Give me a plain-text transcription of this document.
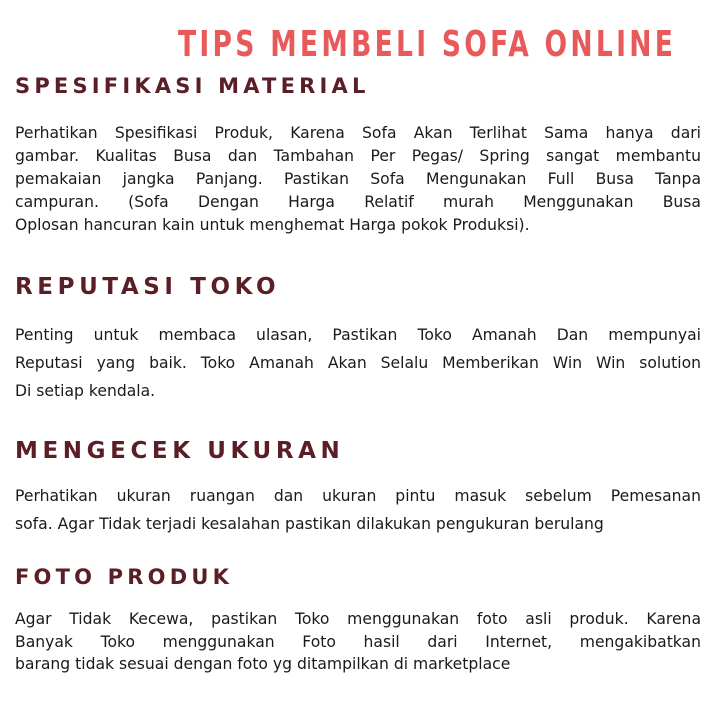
TIPS MEMBELI SOFA ONLINE
SPESIFIKASI MATERIAL
Perhatikan Spesifikasi Produk, Karena Sofa Akan Terlihat Sama hanya dari
gambar. Kualitas Busa dan Tambahan Per Pegas/ Spring sangat membantu
pemakaian jangka Panjang. Pastikan Sofa Mengunakan Full Busa Tanpa
campuran. (Sofa Dengan Harga Relatif murah Menggunakan Busa
Oplosan hancuran kain untuk menghemat Harga pokok Produksi).
REPUTASI TOKO
Penting untuk membaca ulasan, Pastikan Toko Amanah Dan mempunyai
Reputasi yang baik. Toko Amanah Akan Selalu Memberikan Win Win solution
Di setiap kendala.
MENGECEK UKURAN
Perhatikan ukuran ruangan dan ukuran pintu masuk sebelum Pemesanan
sofa. Agar Tidak terjadi kesalahan pastikan dilakukan pengukuran berulang
FOTO PRODUK
Agar Tidak Kecewa, pastikan Toko menggunakan foto asli produk. Karena
Banyak Toko menggunakan Foto hasil dari Internet, mengakibatkan
barang tidak sesuai dengan foto yg ditampilkan di marketplace
